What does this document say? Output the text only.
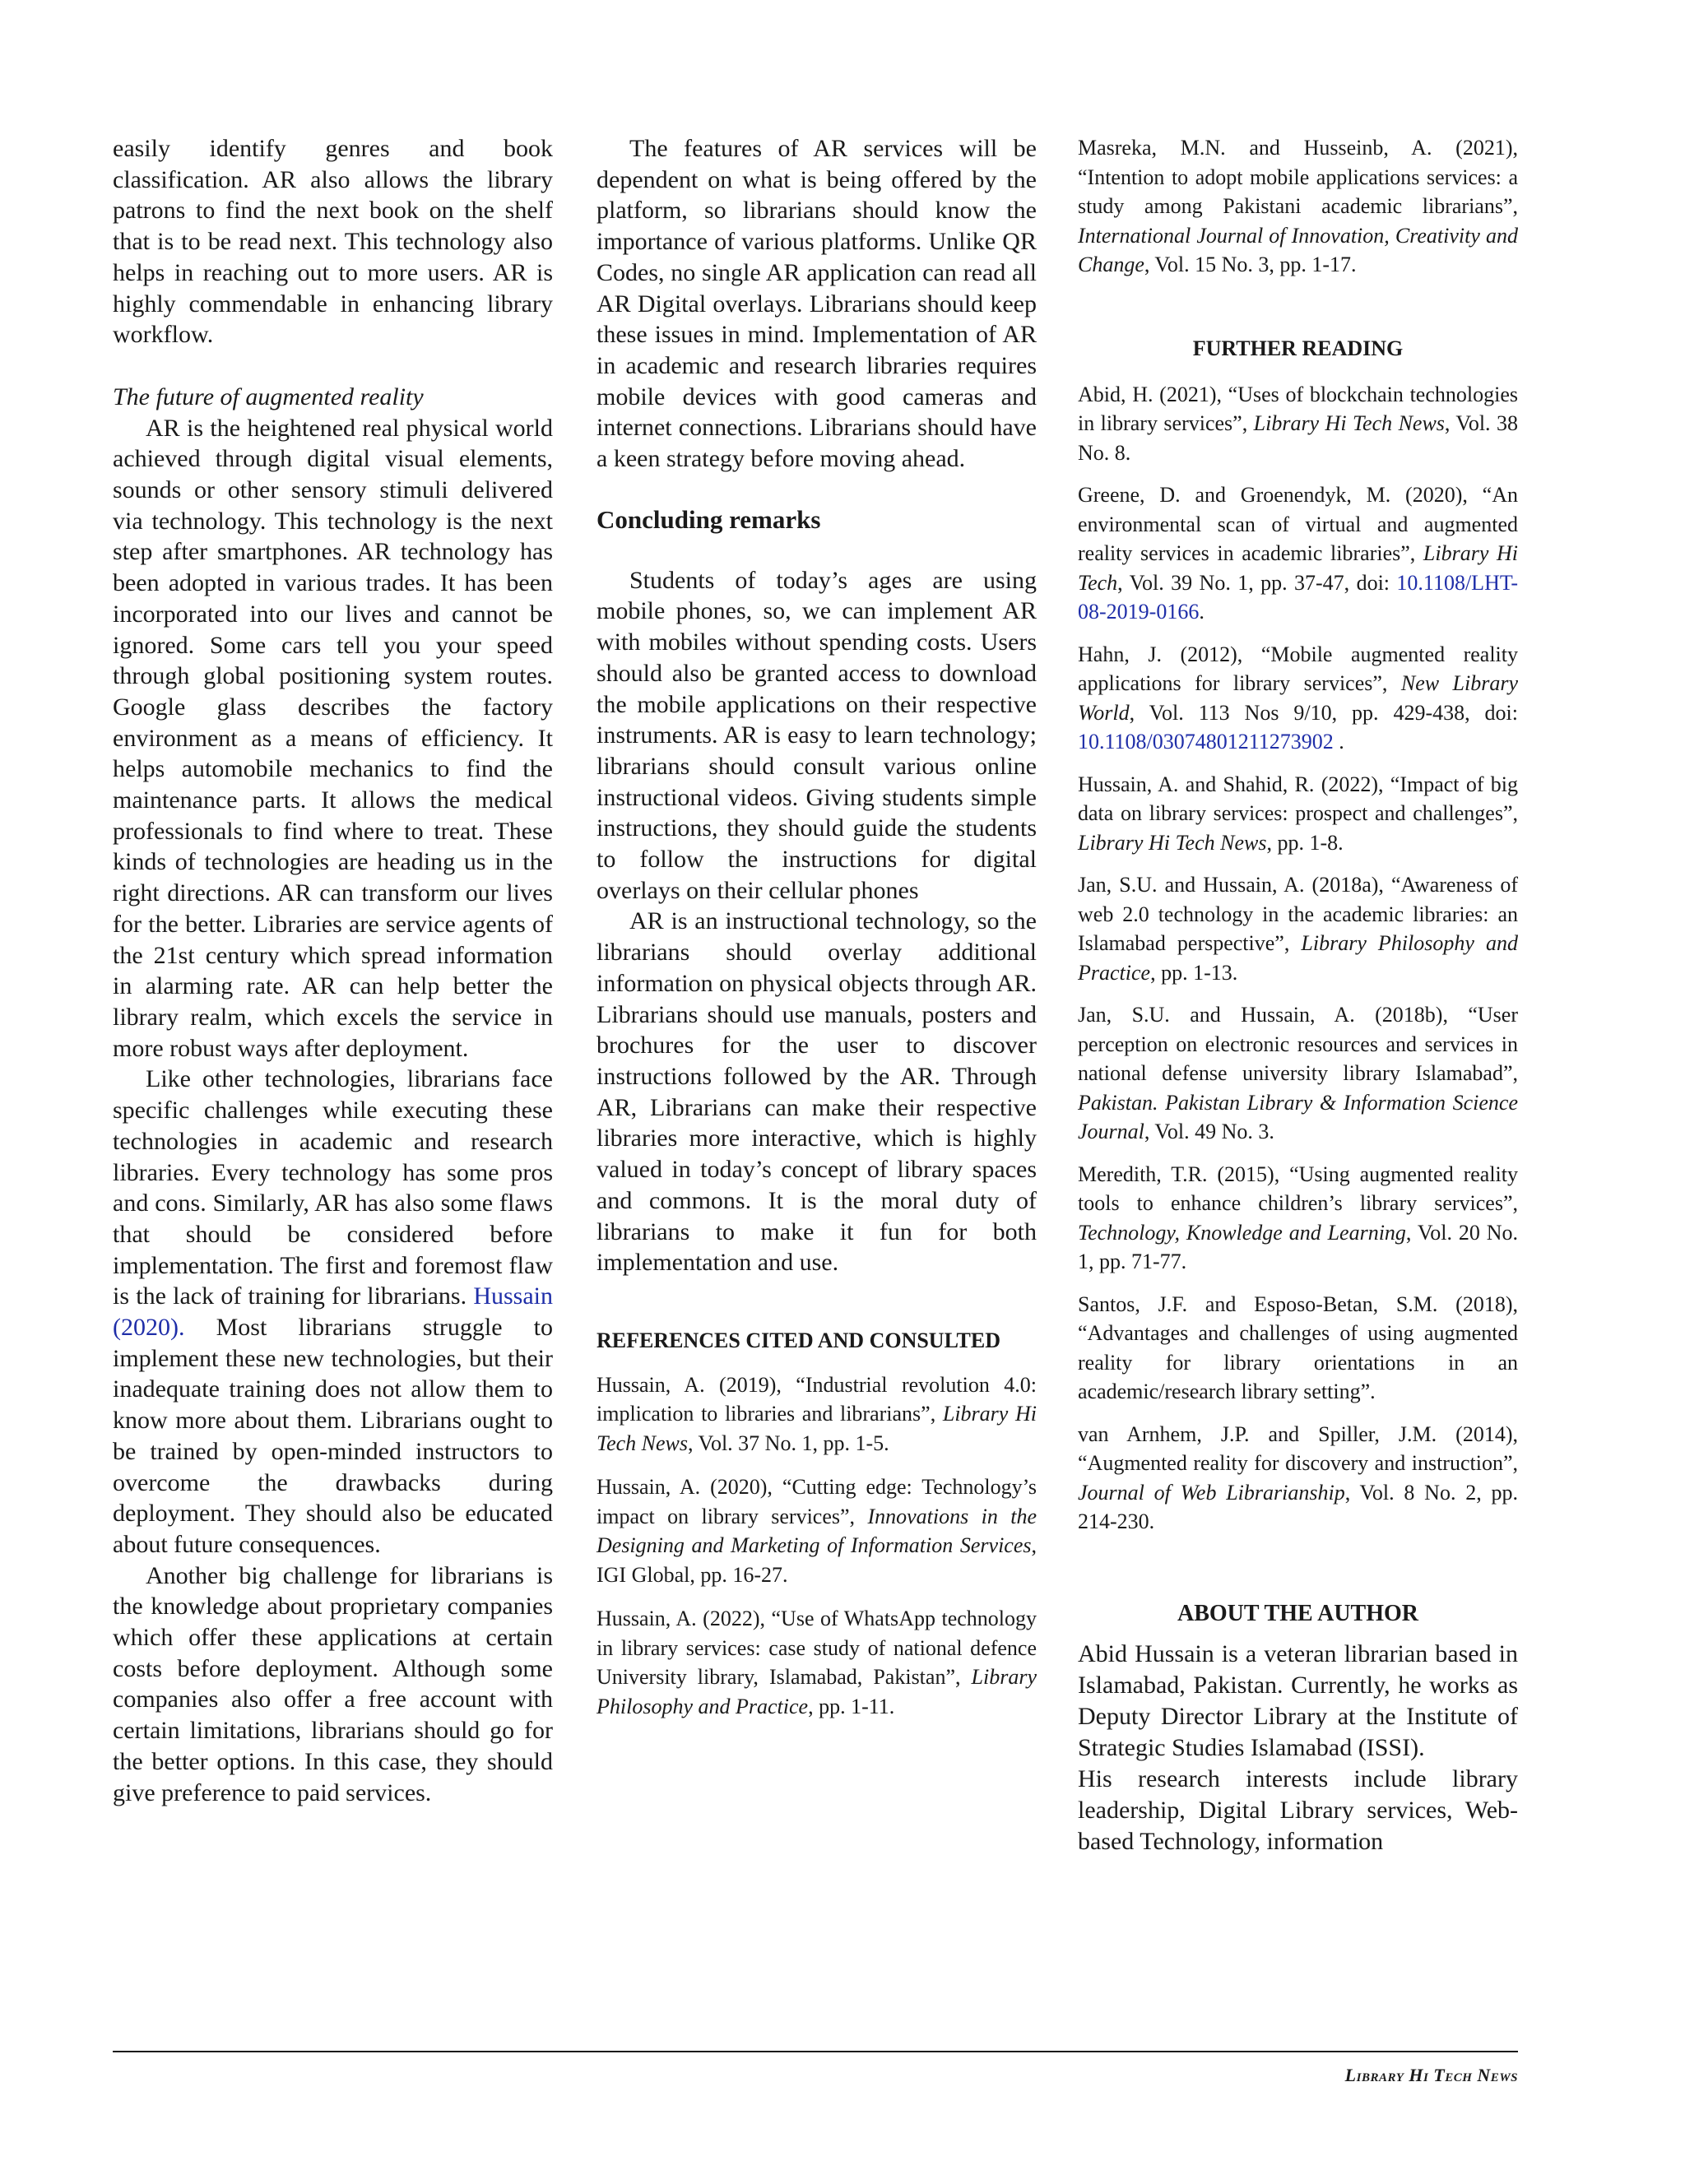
easily identify genres and book classification. AR also allows the library patrons to find the next book on the shelf that is to be read next. This technology also helps in reaching out to more users. AR is highly commendable in enhancing library workflow.

The future of augmented reality

AR is the heightened real physical world achieved through digital visual elements, sounds or other sensory stimuli delivered via technology. This technology is the next step after smartphones. AR technology has been adopted in various trades. It has been incorporated into our lives and cannot be ignored. Some cars tell you your speed through global positioning system routes. Google glass describes the factory environment as a means of efficiency. It helps automobile mechanics to find the maintenance parts. It allows the medical professionals to find where to treat. These kinds of technologies are heading us in the right directions. AR can transform our lives for the better. Libraries are service agents of the 21st century which spread information in alarming rate. AR can help better the library realm, which excels the service in more robust ways after deployment.

Like other technologies, librarians face specific challenges while executing these technologies in academic and research libraries. Every technology has some pros and cons. Similarly, AR has also some flaws that should be considered before implementation. The first and foremost flaw is the lack of training for librarians. Hussain (2020). Most librarians struggle to implement these new technologies, but their inadequate training does not allow them to know more about them. Librarians ought to be trained by open-minded instructors to overcome the drawbacks during deployment. They should also be educated about future consequences.

Another big challenge for librarians is the knowledge about proprietary companies which offer these applications at certain costs before deployment. Although some companies also offer a free account with certain limitations, librarians should go for the better options. In this case, they should give preference to paid services.

The features of AR services will be dependent on what is being offered by the platform, so librarians should know the importance of various platforms. Unlike QR Codes, no single AR application can read all AR Digital overlays. Librarians should keep these issues in mind. Implementation of AR in academic and research libraries requires mobile devices with good cameras and internet connections. Librarians should have a keen strategy before moving ahead.

Concluding remarks

Students of today’s ages are using mobile phones, so, we can implement AR with mobiles without spending costs. Users should also be granted access to download the mobile applications on their respective instruments. AR is easy to learn technology; librarians should consult various online instructional videos. Giving students simple instructions, they should guide the students to follow the instructions for digital overlays on their cellular phones

AR is an instructional technology, so the librarians should overlay additional information on physical objects through AR. Librarians should use manuals, posters and brochures for the user to discover instructions followed by the AR. Through AR, Librarians can make their respective libraries more interactive, which is highly valued in today’s concept of library spaces and commons. It is the moral duty of librarians to make it fun for both implementation and use.

REFERENCES CITED AND CONSULTED

Hussain, A. (2019), “Industrial revolution 4.0: implication to libraries and librarians”, Library Hi Tech News, Vol. 37 No. 1, pp. 1-5.

Hussain, A. (2020), “Cutting edge: Technology’s impact on library services”, Innovations in the Designing and Marketing of Information Services, IGI Global, pp. 16-27.

Hussain, A. (2022), “Use of WhatsApp technology in library services: case study of national defence University library, Islamabad, Pakistan”, Library Philosophy and Practice, pp. 1-11.

Masreka, M.N. and Husseinb, A. (2021), “Intention to adopt mobile applications services: a study among Pakistani academic librarians”, International Journal of Innovation, Creativity and Change, Vol. 15 No. 3, pp. 1-17.

FURTHER READING

Abid, H. (2021), “Uses of blockchain technologies in library services”, Library Hi Tech News, Vol. 38 No. 8.

Greene, D. and Groenendyk, M. (2020), “An environmental scan of virtual and augmented reality services in academic libraries”, Library Hi Tech, Vol. 39 No. 1, pp. 37-47, doi: 10.1108/LHT-08-2019-0166.

Hahn, J. (2012), “Mobile augmented reality applications for library services”, New Library World, Vol. 113 Nos 9/10, pp. 429-438, doi: 10.1108/03074801211273902 .

Hussain, A. and Shahid, R. (2022), “Impact of big data on library services: prospect and challenges”, Library Hi Tech News, pp. 1-8.

Jan, S.U. and Hussain, A. (2018a), “Awareness of web 2.0 technology in the academic libraries: an Islamabad perspective”, Library Philosophy and Practice, pp. 1-13.

Jan, S.U. and Hussain, A. (2018b), “User perception on electronic resources and services in national defense university library Islamabad”, Pakistan. Pakistan Library & Information Science Journal, Vol. 49 No. 3.

Meredith, T.R. (2015), “Using augmented reality tools to enhance children’s library services”, Technology, Knowledge and Learning, Vol. 20 No. 1, pp. 71-77.

Santos, J.F. and Esposo-Betan, S.M. (2018), “Advantages and challenges of using augmented reality for library orientations in an academic/research library setting”.

van Arnhem, J.P. and Spiller, J.M. (2014), “Augmented reality for discovery and instruction”, Journal of Web Librarianship, Vol. 8 No. 2, pp. 214-230.

ABOUT THE AUTHOR

Abid Hussain is a veteran librarian based in Islamabad, Pakistan. Currently, he works as Deputy Director Library at the Institute of Strategic Studies Islamabad (ISSI).

His research interests include library leadership, Digital Library services, Web-based Technology, information

Library Hi Tech News
